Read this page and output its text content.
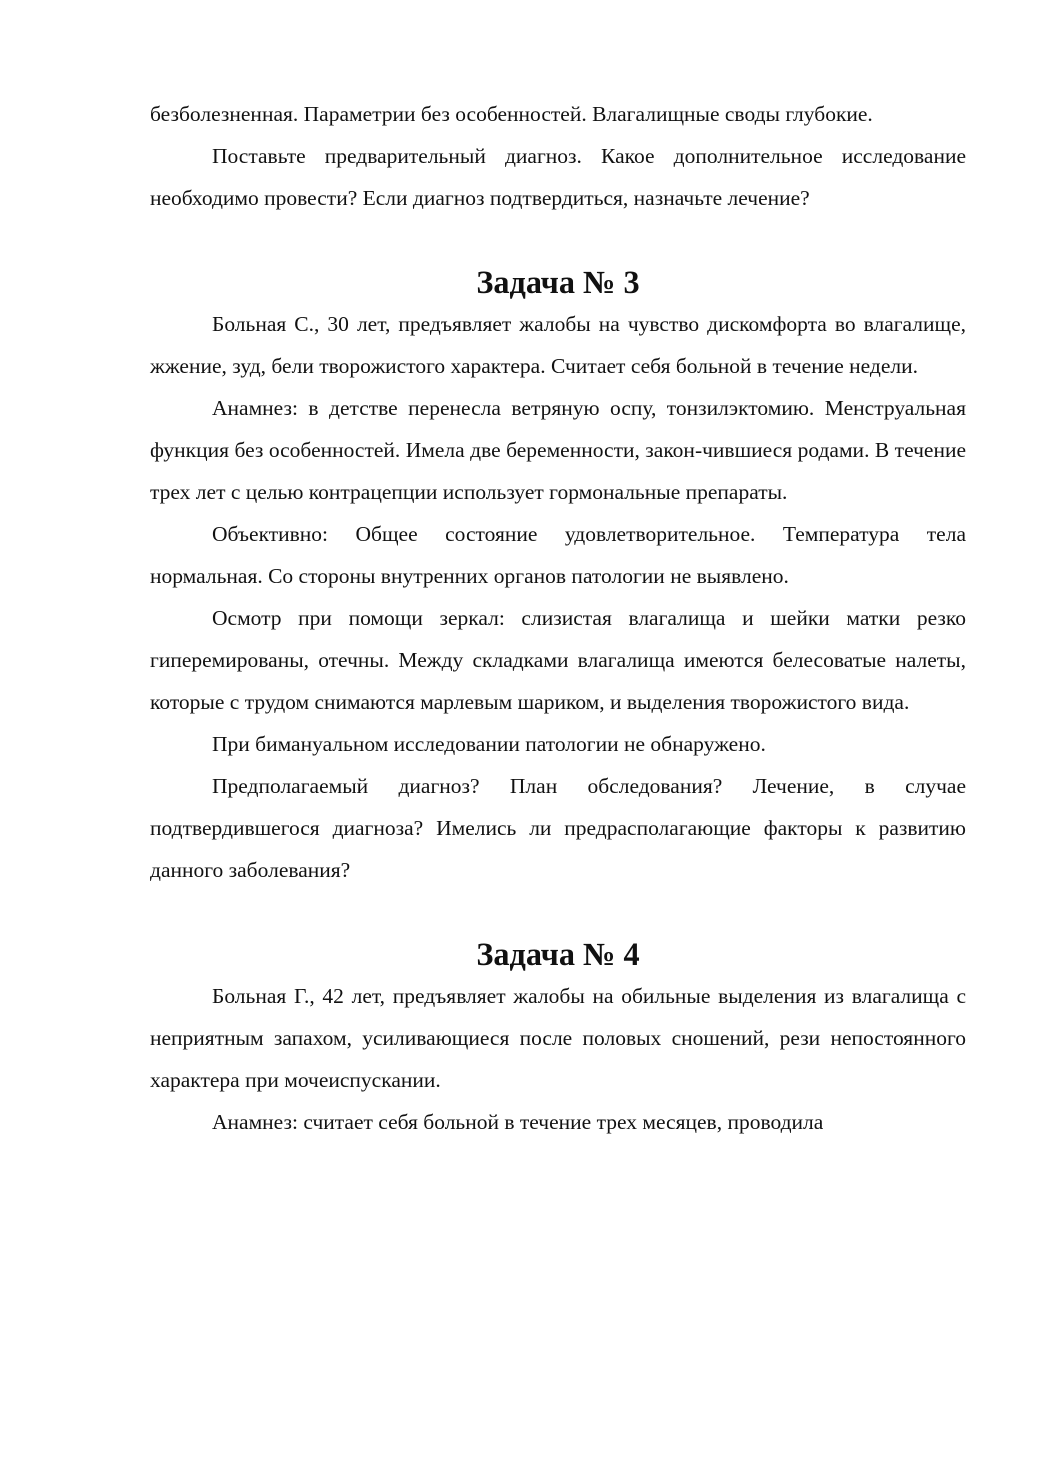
безболезненная. Параметрии без особенностей. Влагалищные своды глубокие.

Поставьте предварительный диагноз. Какое дополнительное исследование необходимо провести? Если диагноз подтвердиться, назначьте лечение?

Задача № 3

Больная С., 30 лет, предъявляет жалобы на чувство дискомфорта во влагалище, жжение, зуд, бели творожистого характера. Считает себя больной в течение недели.

Анамнез: в детстве перенесла ветряную оспу, тонзилэктомию. Менструальная функция без особенностей. Имела две беременности, закон-чившиеся родами. В течение трех лет с целью контрацепции использует гормональные препараты.

Объективно: Общее состояние удовлетворительное. Температура тела нормальная. Со стороны внутренних органов патологии не выявлено.

Осмотр при помощи зеркал: слизистая влагалища и шейки матки резко гиперемированы, отечны. Между складками влагалища имеются белесоватые налеты, которые с трудом снимаются марлевым шариком, и выделения творожистого вида.

При бимануальном исследовании патологии не обнаружено.

Предполагаемый диагноз? План обследования? Лечение, в случае подтвердившегося диагноза? Имелись ли предрасполагающие факторы к развитию данного заболевания?

Задача № 4

Больная Г., 42 лет, предъявляет жалобы на обильные выделения из влагалища с неприятным запахом, усиливающиеся после половых сношений, рези непостоянного характера при мочеиспускании.

Анамнез: считает себя больной в течение трех месяцев, проводила
